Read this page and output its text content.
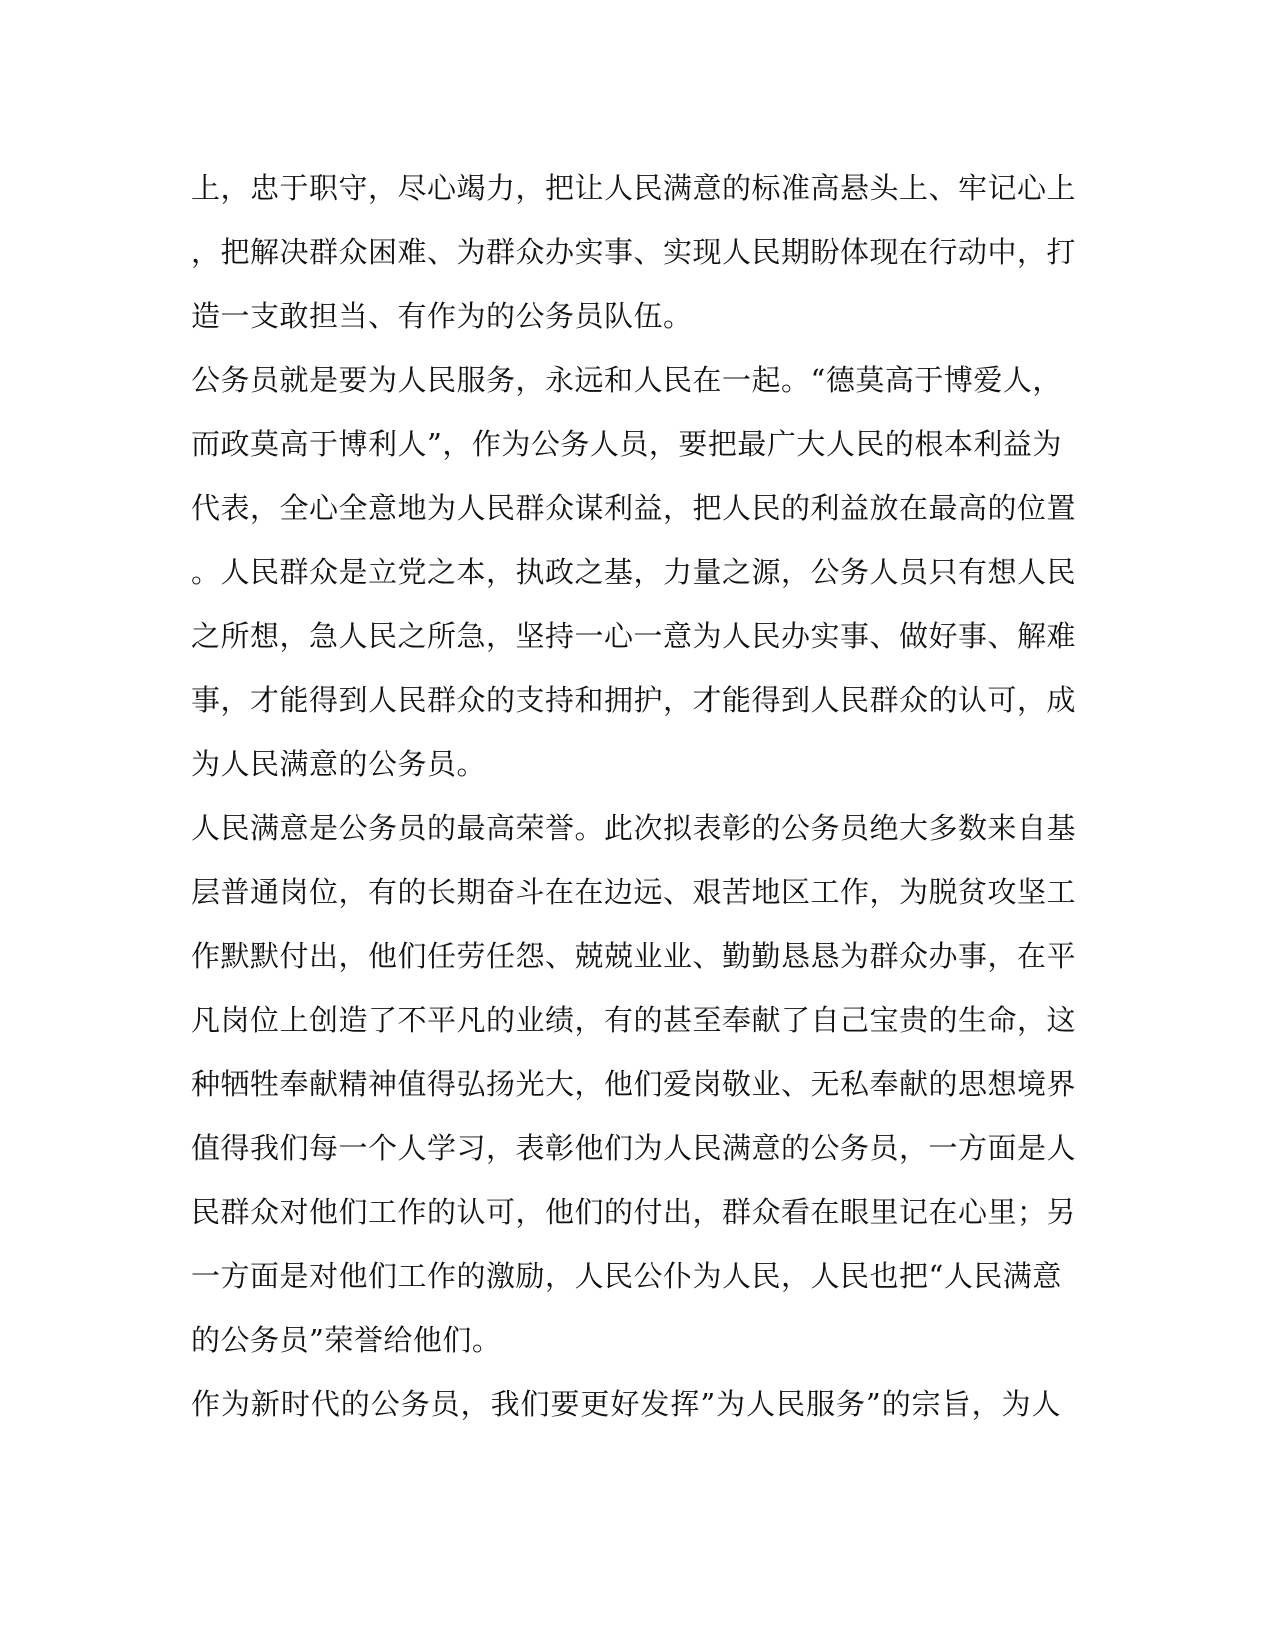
上，忠于职守，尽心竭力，把让人民满意的标准高悬头上、牢记心上
，把解决群众困难、为群众办实事、实现人民期盼体现在行动中，打
造一支敢担当、有作为的公务员队伍。
公务员就是要为人民服务，永远和人民在一起。“德莫高于博爱人，
而政莫高于博利人”，作为公务人员，要把最广大人民的根本利益为
代表，全心全意地为人民群众谋利益，把人民的利益放在最高的位置
。人民群众是立党之本，执政之基，力量之源，公务人员只有想人民
之所想，急人民之所急，坚持一心一意为人民办实事、做好事、解难
事，才能得到人民群众的支持和拥护，才能得到人民群众的认可，成
为人民满意的公务员。
人民满意是公务员的最高荣誉。此次拟表彰的公务员绝大多数来自基
层普通岗位，有的长期奋斗在在边远、艰苦地区工作，为脱贫攻坚工
作默默付出，他们任劳任怨、兢兢业业、勤勤恳恳为群众办事，在平
凡岗位上创造了不平凡的业绩，有的甚至奉献了自己宝贵的生命，这
种牺牲奉献精神值得弘扬光大，他们爱岗敬业、无私奉献的思想境界
值得我们每一个人学习，表彰他们为人民满意的公务员，一方面是人
民群众对他们工作的认可，他们的付出，群众看在眼里记在心里；另
一方面是对他们工作的激励，人民公仆为人民，人民也把“人民满意
的公务员”荣誉给他们。
作为新时代的公务员，我们要更好发挥”为人民服务”的宗旨，为人
